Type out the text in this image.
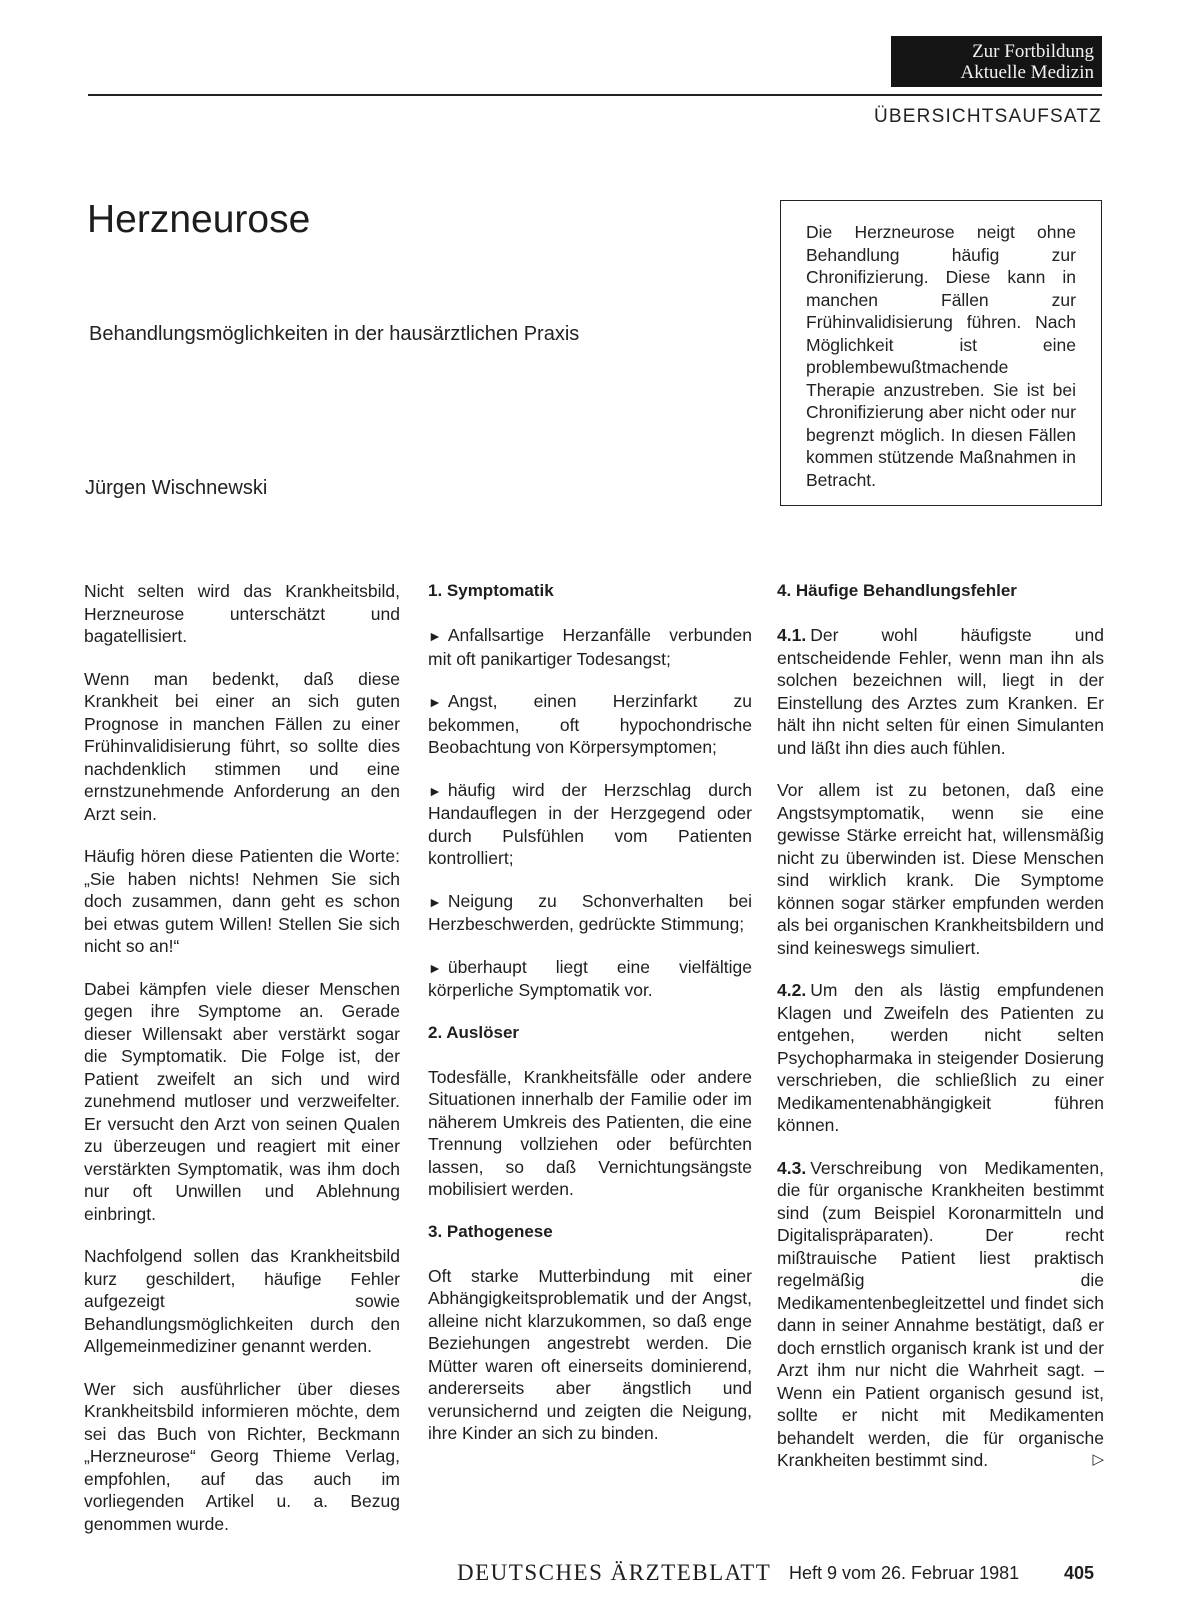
Zur Fortbildung
Aktuelle Medizin
ÜBERSICHTSAUFSATZ
Herzneurose
Behandlungsmöglichkeiten in der hausärztlichen Praxis
Jürgen Wischnewski
Die Herzneurose neigt ohne Behandlung häufig zur Chronifizierung. Diese kann in manchen Fällen zur Frühinvalidisierung führen. Nach Möglichkeit ist eine problembewußtmachende Therapie anzustreben. Sie ist bei Chronifizierung aber nicht oder nur begrenzt möglich. In diesen Fällen kommen stützende Maßnahmen in Betracht.

Nicht selten wird das Krankheitsbild, Herzneurose unterschätzt und bagatellisiert.

Wenn man bedenkt, daß diese Krankheit bei einer an sich guten Prognose in manchen Fällen zu einer Frühinvalidisierung führt, so sollte dies nachdenklich stimmen und eine ernstzunehmende Anforderung an den Arzt sein.

Häufig hören diese Patienten die Worte: „Sie haben nichts! Nehmen Sie sich doch zusammen, dann geht es schon bei etwas gutem Willen! Stellen Sie sich nicht so an!“

Dabei kämpfen viele dieser Menschen gegen ihre Symptome an. Gerade dieser Willensakt aber verstärkt sogar die Symptomatik. Die Folge ist, der Patient zweifelt an sich und wird zunehmend mutloser und verzweifelter. Er versucht den Arzt von seinen Qualen zu überzeugen und reagiert mit einer verstärkten Symptomatik, was ihm doch nur oft Unwillen und Ablehnung einbringt.

Nachfolgend sollen das Krankheitsbild kurz geschildert, häufige Fehler aufgezeigt sowie Behandlungsmöglichkeiten durch den Allgemeinmediziner genannt werden.

Wer sich ausführlicher über dieses Krankheitsbild informieren möchte, dem sei das Buch von Richter, Beckmann „Herzneurose“ Georg Thieme Verlag, empfohlen, auf das auch im vorliegenden Artikel u. a. Bezug genommen wurde.

1. Symptomatik

► Anfallsartige Herzanfälle verbunden mit oft panikartiger Todesangst;

► Angst, einen Herzinfarkt zu bekommen, oft hypochondrische Beobachtung von Körpersymptomen;

► häufig wird der Herzschlag durch Handauflegen in der Herzgegend oder durch Pulsfühlen vom Patienten kontrolliert;

► Neigung zu Schonverhalten bei Herzbeschwerden, gedrückte Stimmung;

► überhaupt liegt eine vielfältige körperliche Symptomatik vor.

2. Auslöser

Todesfälle, Krankheitsfälle oder andere Situationen innerhalb der Familie oder im näherem Umkreis des Patienten, die eine Trennung vollziehen oder befürchten lassen, so daß Vernichtungsängste mobilisiert werden.

3. Pathogenese

Oft starke Mutterbindung mit einer Abhängigkeitsproblematik und der Angst, alleine nicht klarzukommen, so daß enge Beziehungen angestrebt werden. Die Mütter waren oft einerseits dominierend, andererseits aber ängstlich und verunsichernd und zeigten die Neigung, ihre Kinder an sich zu binden.

4. Häufige Behandlungsfehler

4.1. Der wohl häufigste und entscheidende Fehler, wenn man ihn als solchen bezeichnen will, liegt in der Einstellung des Arztes zum Kranken. Er hält ihn nicht selten für einen Simulanten und läßt ihn dies auch fühlen.

Vor allem ist zu betonen, daß eine Angstsymptomatik, wenn sie eine gewisse Stärke erreicht hat, willensmäßig nicht zu überwinden ist. Diese Menschen sind wirklich krank. Die Symptome können sogar stärker empfunden werden als bei organischen Krankheitsbildern und sind keineswegs simuliert.

4.2. Um den als lästig empfundenen Klagen und Zweifeln des Patienten zu entgehen, werden nicht selten Psychopharmaka in steigender Dosierung verschrieben, die schließlich zu einer Medikamentenabhängigkeit führen können.

4.3. Verschreibung von Medikamenten, die für organische Krankheiten bestimmt sind (zum Beispiel Koronarmitteln und Digitalispräparaten). Der recht mißtrauische Patient liest praktisch regelmäßig die Medikamentenbegleitzettel und findet sich dann in seiner Annahme bestätigt, daß er doch ernstlich organisch krank ist und der Arzt ihm nur nicht die Wahrheit sagt. – Wenn ein Patient organisch gesund ist, sollte er nicht mit Medikamenten behandelt werden, die für organische Krankheiten bestimmt sind.	▷

DEUTSCHES ÄRZTEBLATT Heft 9 vom 26. Februar 1981 405
